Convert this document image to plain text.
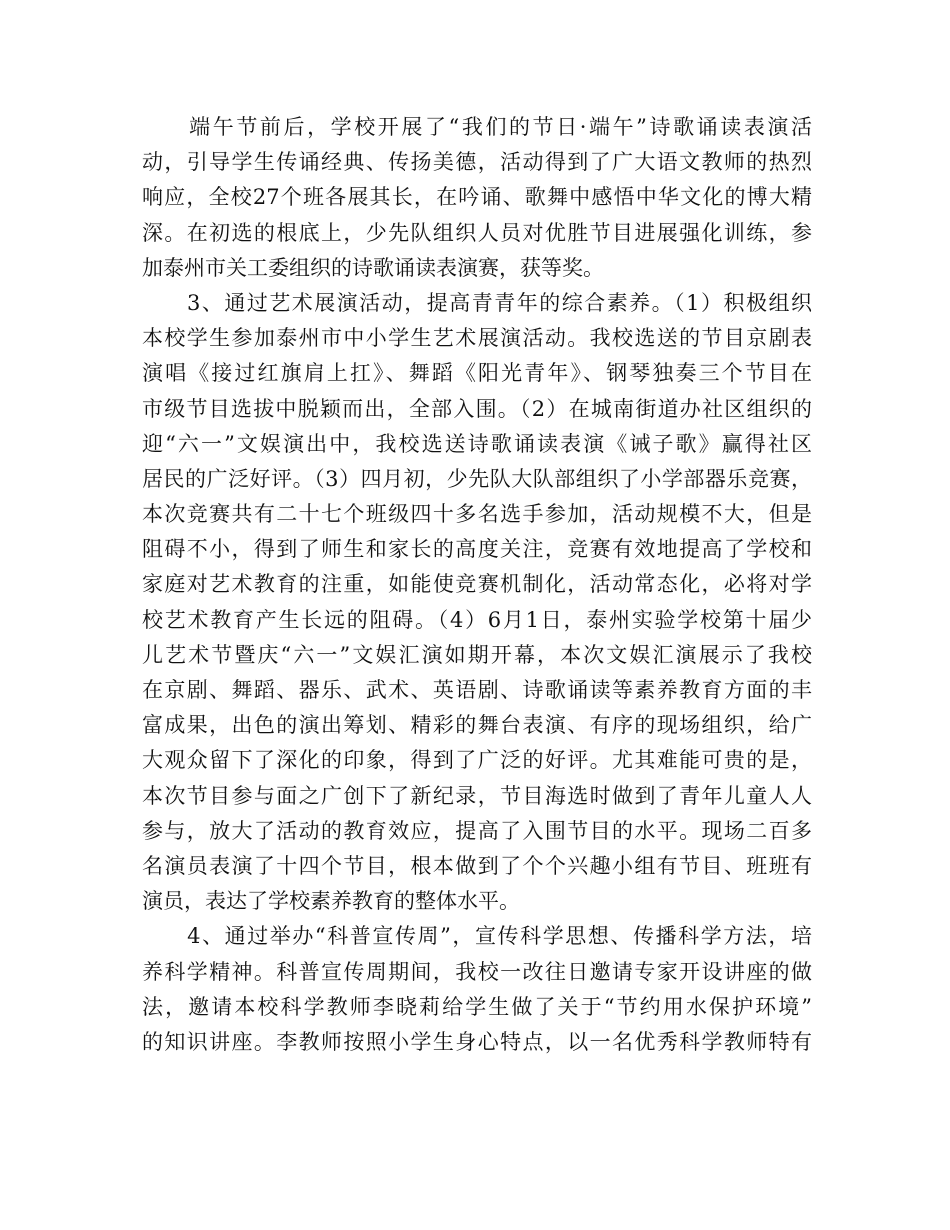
　　端午节前后，学校开展了“我们的节日·端午”诗歌诵读表演活
动，引导学生传诵经典、传扬美德，活动得到了广大语文教师的热烈
响应，全校27个班各展其长，在吟诵、歌舞中感悟中华文化的博大精
深。在初选的根底上，少先队组织人员对优胜节目进展强化训练，参
加泰州市关工委组织的诗歌诵读表演赛，获等奖。
　　3、通过艺术展演活动，提高青青年的综合素养。（1）积极组织
本校学生参加泰州市中小学生艺术展演活动。我校选送的节目京剧表
演唱《接过红旗肩上扛》、舞蹈《阳光青年》、钢琴独奏三个节目在
市级节目选拔中脱颖而出，全部入围。（2）在城南街道办社区组织的
迎“六一”文娱演出中，我校选送诗歌诵读表演《诫子歌》赢得社区
居民的广泛好评。（3）四月初，少先队大队部组织了小学部器乐竞赛，
本次竞赛共有二十七个班级四十多名选手参加，活动规模不大，但是
阻碍不小，得到了师生和家长的高度关注，竞赛有效地提高了学校和
家庭对艺术教育的注重，如能使竞赛机制化，活动常态化，必将对学
校艺术教育产生长远的阻碍。（4）6月1日，泰州实验学校第十届少
儿艺术节暨庆“六一”文娱汇演如期开幕，本次文娱汇演展示了我校
在京剧、舞蹈、器乐、武术、英语剧、诗歌诵读等素养教育方面的丰
富成果，出色的演出筹划、精彩的舞台表演、有序的现场组织，给广
大观众留下了深化的印象，得到了广泛的好评。尤其难能可贵的是，
本次节目参与面之广创下了新纪录，节目海选时做到了青年儿童人人
参与，放大了活动的教育效应，提高了入围节目的水平。现场二百多
名演员表演了十四个节目，根本做到了个个兴趣小组有节目、班班有
演员，表达了学校素养教育的整体水平。
　　4、通过举办“科普宣传周”，宣传科学思想、传播科学方法，培
养科学精神。科普宣传周期间，我校一改往日邀请专家开设讲座的做
法，邀请本校科学教师李晓莉给学生做了关于“节约用水保护环境”
的知识讲座。李教师按照小学生身心特点，以一名优秀科学教师特有
